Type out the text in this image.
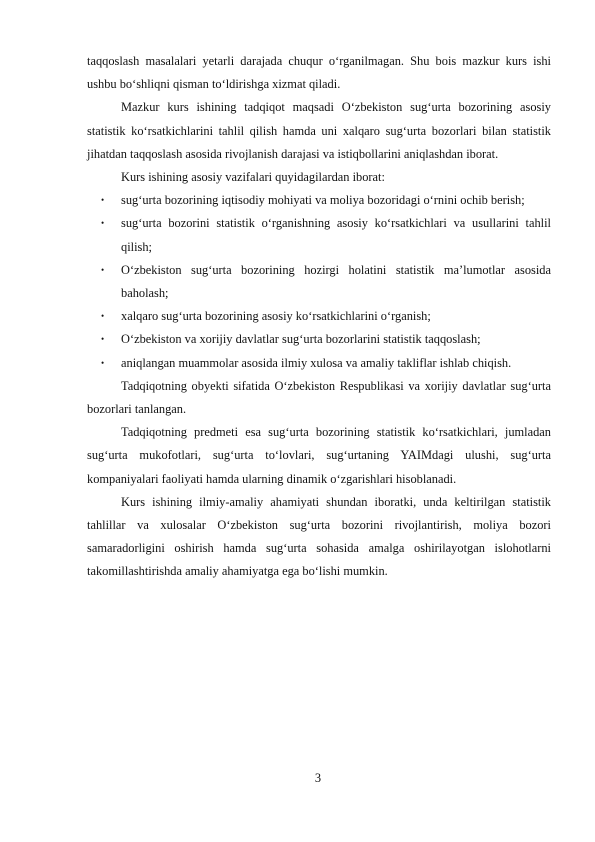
taqqoslash masalalari yetarli darajada chuqur o‘rganilmagan. Shu bois mazkur kurs ishi ushbu bo‘shliqni qisman to‘ldirishga xizmat qiladi.

Mazkur kurs ishining tadqiqot maqsadi O‘zbekiston sug‘urta bozorining asosiy statistik ko‘rsatkichlarini tahlil qilish hamda uni xalqaro sug‘urta bozorlari bilan statistik jihatdan taqqoslash asosida rivojlanish darajasi va istiqbollarini aniqlashdan iborat.

Kurs ishining asosiy vazifalari quyidagilardan iborat:

• sug‘urta bozorining iqtisodiy mohiyati va moliya bozoridagi o‘rnini ochib berish;
• sug‘urta bozorini statistik o‘rganishning asosiy ko‘rsatkichlari va usullarini tahlil qilish;
• O‘zbekiston sug‘urta bozorining hozirgi holatini statistik ma’lumotlar asosida baholash;
• xalqaro sug‘urta bozorining asosiy ko‘rsatkichlarini o‘rganish;
• O‘zbekiston va xorijiy davlatlar sug‘urta bozorlarini statistik taqqoslash;
• aniqlangan muammolar asosida ilmiy xulosa va amaliy takliflar ishlab chiqish.

Tadqiqotning obyekti sifatida O‘zbekiston Respublikasi va xorijiy davlatlar sug‘urta bozorlari tanlangan.

Tadqiqotning predmeti esa sug‘urta bozorining statistik ko‘rsatkichlari, jumladan sug‘urta mukofotlari, sug‘urta to‘lovlari, sug‘urtaning YAIMdagi ulushi, sug‘urta kompaniyalari faoliyati hamda ularning dinamik o‘zgarishlari hisoblanadi.

Kurs ishining ilmiy-amaliy ahamiyati shundan iboratki, unda keltirilgan statistik tahlillar va xulosalar O‘zbekiston sug‘urta bozorini rivojlantirish, moliya bozori samaradorligini oshirish hamda sug‘urta sohasida amalga oshirilayotgan islohotlarni takomillashtirishda amaliy ahamiyatga ega bo‘lishi mumkin.

3
